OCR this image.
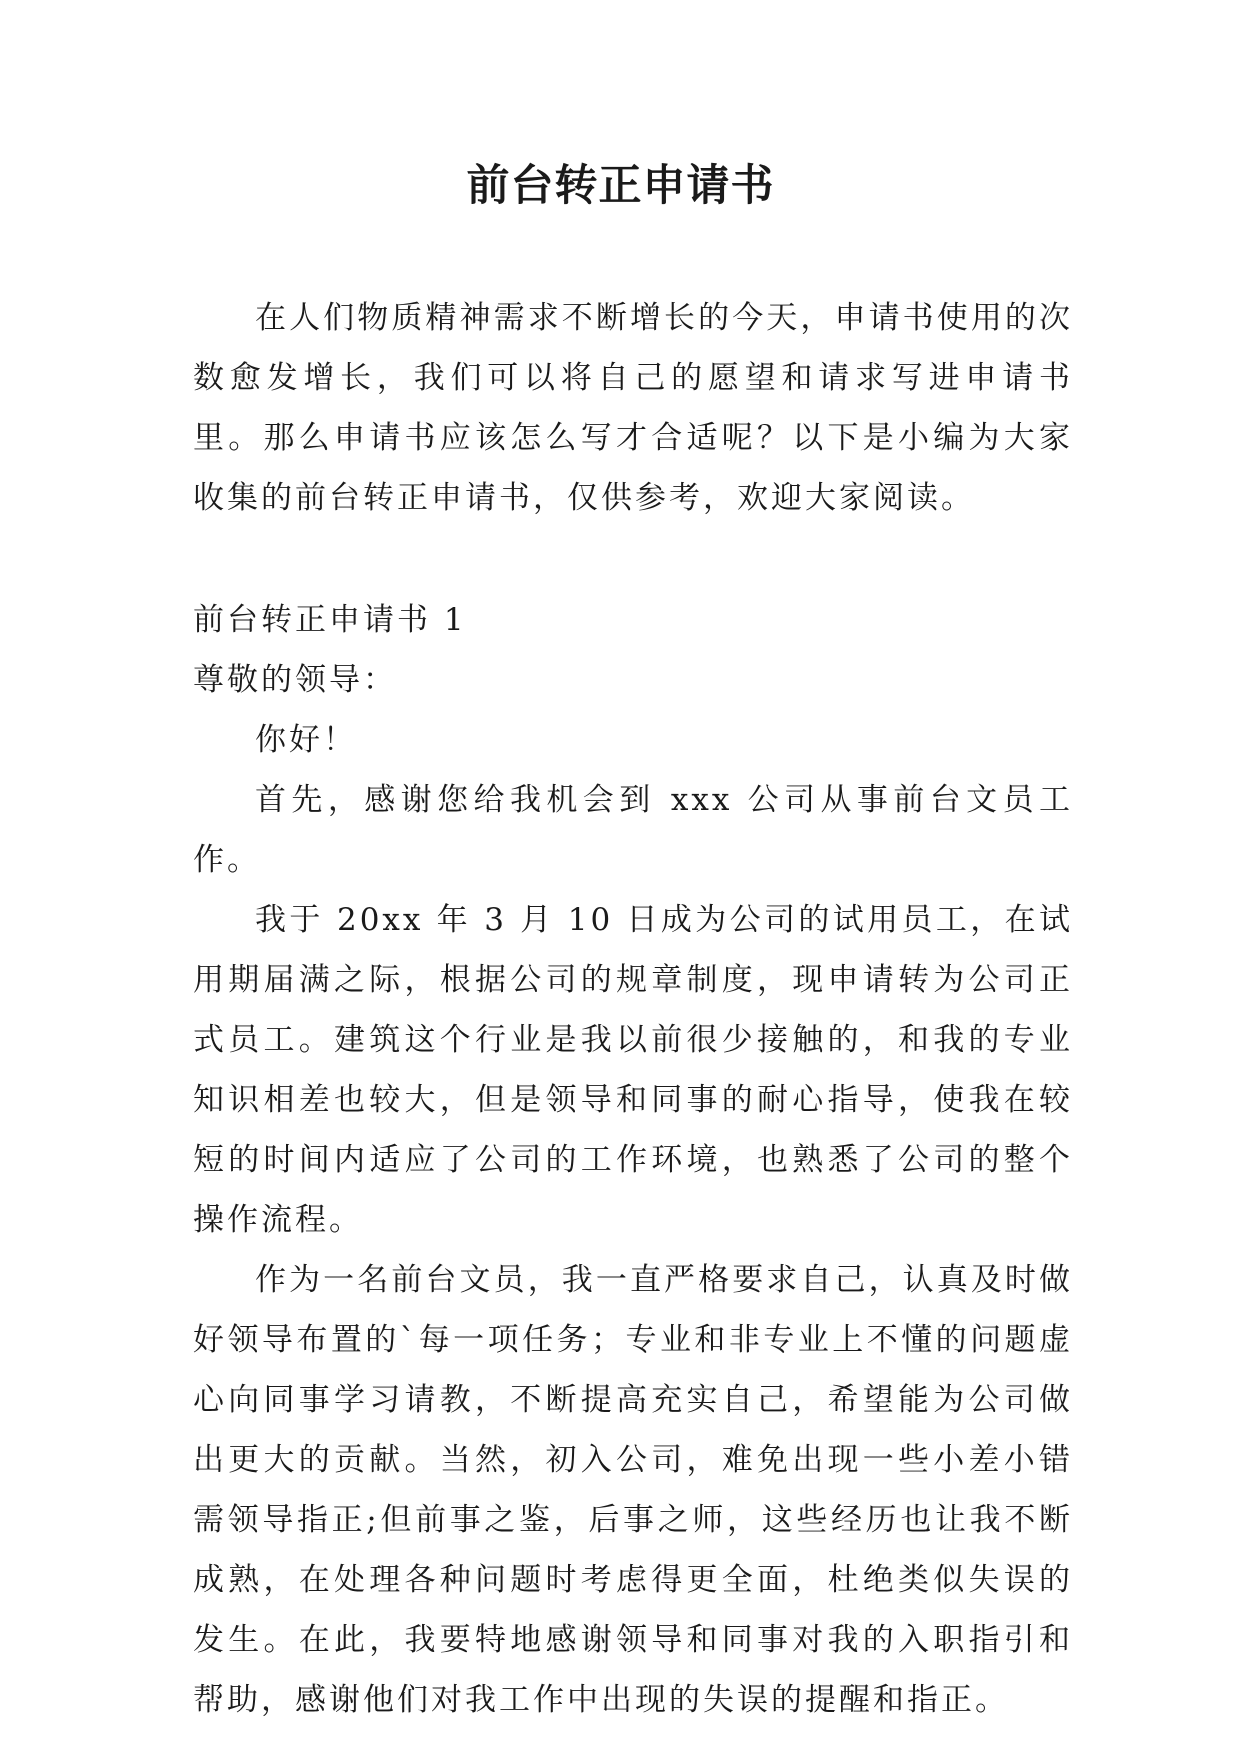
前台转正申请书

在人们物质精神需求不断增长的今天，申请书使用的次数愈发增长，我们可以将自己的愿望和请求写进申请书里。那么申请书应该怎么写才合适呢？以下是小编为大家收集的前台转正申请书，仅供参考，欢迎大家阅读。

前台转正申请书 1

尊敬的领导：

你好！

首先，感谢您给我机会到 xxx 公司从事前台文员工作。

我于 20xx 年 3 月 10 日成为公司的试用员工，在试用期届满之际，根据公司的规章制度，现申请转为公司正式员工。建筑这个行业是我以前很少接触的，和我的专业知识相差也较大，但是领导和同事的耐心指导，使我在较短的时间内适应了公司的工作环境，也熟悉了公司的整个操作流程。

作为一名前台文员，我一直严格要求自己，认真及时做好领导布置的`每一项任务；专业和非专业上不懂的问题虚心向同事学习请教，不断提高充实自己，希望能为公司做出更大的贡献。当然，初入公司，难免出现一些小差小错需领导指正;但前事之鉴，后事之师，这些经历也让我不断成熟，在处理各种问题时考虑得更全面，杜绝类似失误的发生。在此，我要特地感谢领导和同事对我的入职指引和帮助，感谢他们对我工作中出现的失误的提醒和指正。
